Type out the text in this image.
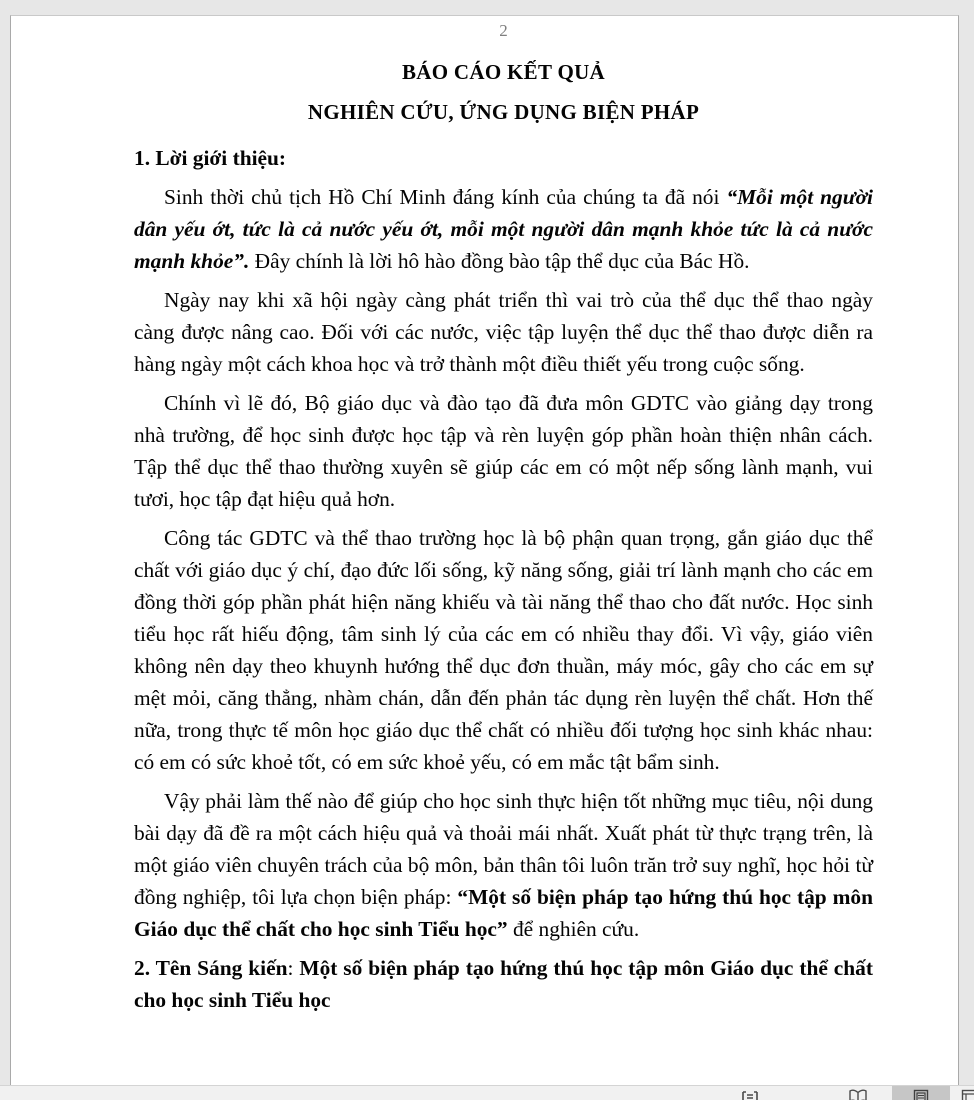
2

BÁO CÁO KẾT QUẢ

NGHIÊN CỨU, ỨNG DỤNG BIỆN PHÁP

1. Lời giới thiệu:

Sinh thời chủ tịch Hồ Chí Minh đáng kính của chúng ta đã nói “Mỗi một người dân yếu ớt, tức là cả nước yếu ớt, mỗi một người dân mạnh khỏe tức là cả nước mạnh khỏe”. Đây chính là lời hô hào đồng bào tập thể dục của Bác Hồ.

Ngày nay khi xã hội ngày càng phát triển thì vai trò của thể dục thể thao ngày càng được nâng cao. Đối với các nước, việc tập luyện thể dục thể thao được diễn ra hàng ngày một cách khoa học và trở thành một điều thiết yếu trong cuộc sống.

Chính vì lẽ đó, Bộ giáo dục và đào tạo đã đưa môn GDTC vào giảng dạy trong nhà trường, để học sinh được học tập và rèn luyện góp phần hoàn thiện nhân cách. Tập thể dục thể thao thường xuyên sẽ giúp các em có một nếp sống lành mạnh, vui tươi, học tập đạt hiệu quả hơn.

Công tác GDTC và thể thao trường học là bộ phận quan trọng, gắn giáo dục thể chất với giáo dục ý chí, đạo đức lối sống, kỹ năng sống, giải trí lành mạnh cho các em đồng thời góp phần phát hiện năng khiếu và tài năng thể thao cho đất nước. Học sinh tiểu học rất hiếu động, tâm sinh lý của các em có nhiều thay đổi. Vì vậy, giáo viên không nên dạy theo khuynh hướng thể dục đơn thuần, máy móc, gây cho các em sự mệt mỏi, căng thẳng, nhàm chán, dẫn đến phản tác dụng rèn luyện thể chất. Hơn thế nữa, trong thực tế môn học giáo dục thể chất có nhiều đối tượng học sinh khác nhau: có em có sức khoẻ tốt, có em sức khoẻ yếu, có em mắc tật bẩm sinh.

Vậy phải làm thế nào để giúp cho học sinh thực hiện tốt những mục tiêu, nội dung bài dạy đã đề ra một cách hiệu quả và thoải mái nhất. Xuất phát từ thực trạng trên, là một giáo viên chuyên trách của bộ môn, bản thân tôi luôn trăn trở suy nghĩ, học hỏi từ đồng nghiệp, tôi lựa chọn biện pháp: “Một số biện pháp tạo hứng thú học tập môn Giáo dục thể chất cho học sinh Tiểu học” để nghiên cứu.

2. Tên Sáng kiến: Một số biện pháp tạo hứng thú học tập môn Giáo dục thể chất cho học sinh Tiểu học
